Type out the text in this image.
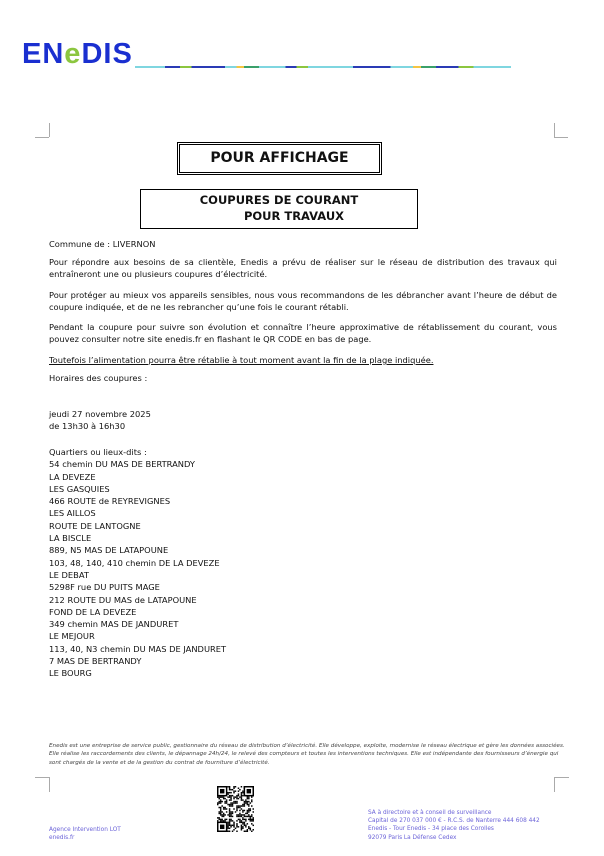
ENeDIS
POUR AFFICHAGE
COUPURES DE COURANT
POUR TRAVAUX
Commune de : LIVERNON
Pour répondre aux besoins de sa clientèle, Enedis a prévu de réaliser sur le réseau de distribution des travaux qui entraîneront une ou plusieurs coupures d’électricité.
Pour protéger au mieux vos appareils sensibles, nous vous recommandons de les débrancher avant l’heure de début de coupure indiquée, et de ne les rebrancher qu’une fois le courant rétabli.
Pendant la coupure pour suivre son évolution et connaître l’heure approximative de rétablissement du courant, vous pouvez consulter notre site enedis.fr en flashant le QR CODE en bas de page.
Toutefois l’alimentation pourra être rétablie à tout moment avant la fin de la plage indiquée.
Horaires des coupures :
jeudi 27 novembre 2025
de 13h30 à 16h30
Quartiers ou lieux-dits :
54 chemin DU MAS DE BERTRANDY
LA DEVEZE
LES GASQUIES
466 ROUTE de REYREVIGNES
LES AILLOS
ROUTE DE LANTOGNE
LA BISCLE
889, N5 MAS DE LATAPOUNE
103, 48, 140, 410 chemin DE LA DEVEZE
LE DEBAT
5298F rue DU PUITS MAGE
212 ROUTE DU MAS de LATAPOUNE
FOND DE LA DEVEZE
349 chemin MAS DE JANDURET
LE MEJOUR
113, 40, N3 chemin DU MAS DE JANDURET
7 MAS DE BERTRANDY
LE BOURG
Enedis est une entreprise de service public, gestionnaire du réseau de distribution d’électricité. Elle développe, exploite, modernise le réseau électrique et gère les données associées. Elle réalise les raccordements des clients, le dépannage 24h/24, le relevé des compteurs et toutes les interventions techniques. Elle est indépendante des fournisseurs d’énergie qui sont chargés de la vente et de la gestion du contrat de fourniture d’électricité.
Agence Intervention LOT
enedis.fr
SA à directoire et à conseil de surveillance
Capital de 270 037 000 € - R.C.S. de Nanterre 444 608 442
Enedis - Tour Enedis - 34 place des Corolles
92079 Paris La Défense Cedex
